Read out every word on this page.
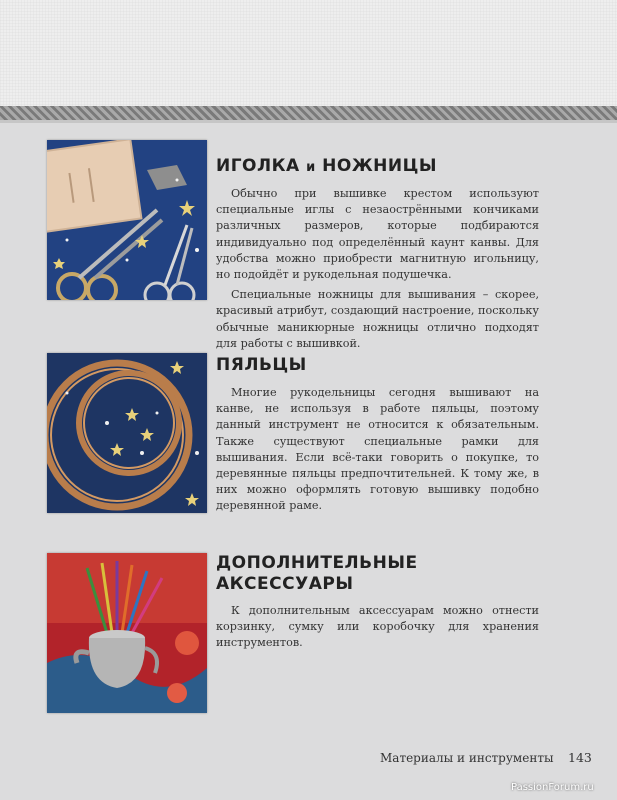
ИГОЛКА и НОЖНИЦЫ

Обычно при вышивке крестом используют специальные иглы с незаострёнными кончиками различных размеров, которые подбираются индивидуально под определённый каунт канвы. Для удобства можно приобрести магнитную игольницу, но подойдёт и рукодельная подушечка.

Специальные ножницы для вышивания – скорее, красивый атрибут, создающий настроение, поскольку обычные маникюрные ножницы отлично подходят для работы с вышивкой.

ПЯЛЬЦЫ

Многие рукодельницы сегодня вышивают на канве, не используя в работе пяльцы, поэтому данный инструмент не относится к обязательным. Также существуют специальные рамки для вышивания. Если всё-таки говорить о покупке, то деревянные пяльцы предпочтительней. К тому же, в них можно оформлять готовую вышивку подобно деревянной раме.

ДОПОЛНИТЕЛЬНЫЕ
АКСЕССУАРЫ

К дополнительным аксессуарам можно отнести корзинку, сумку или коробочку для хранения инструментов.

Материалы и инструменты 143
PassionForum.ru
